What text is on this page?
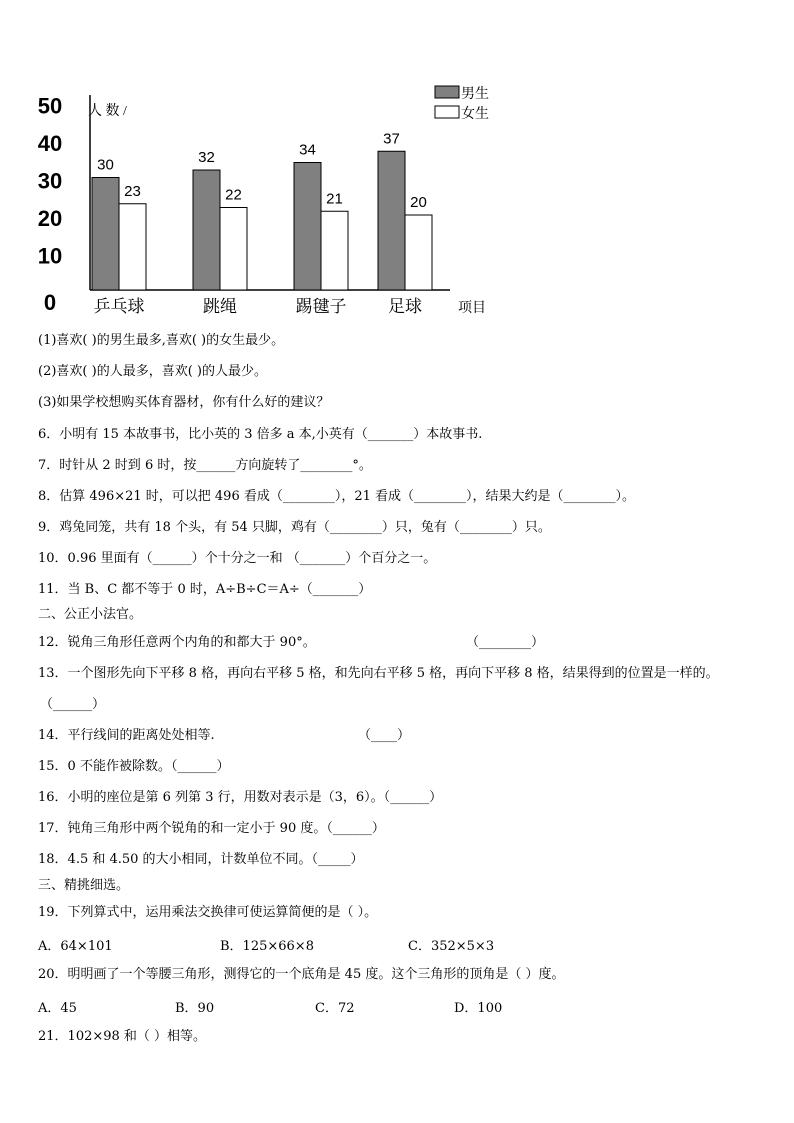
0
10
20
30
40
50 人 数 /
30
23
乒乓球
32
22
跳绳
34
21
踢毽子
37
20
足球	项目
男生
女生
(1)喜欢( )的男生最多,喜欢( )的女生最少。
(2)喜欢( )的人最多，喜欢( )的人最少。
(3)如果学校想购买体育器材，你有什么好的建议？
6．小明有 15 本故事书，比小英的 3 倍多 a 本,小英有（_______）本故事书.
7．时针从 2 时到 6 时，按______方向旋转了________°。
8．估算 496×21 时，可以把 496 看成（________），21 看成（________），结果大约是（________）。
9．鸡兔同笼，共有 18 个头，有 54 只脚，鸡有（________）只，兔有（________）只。
10．0.96 里面有（______）个十分之一和 （_______）个百分之一。
11．当 B、C 都不等于 0 时，A÷B÷C＝A÷（_______）
二、公正小法官。
12．锐角三角形任意两个内角的和都大于 90°。	（________）
13．一个图形先向下平移 8 格，再向右平移 5 格，和先向右平移 5 格，再向下平移 8 格，结果得到的位置是一样的。
（______）
14．平行线间的距离处处相等.	（____）
15．0 不能作被除数。（______）
16．小明的座位是第 6 列第 3 行，用数对表示是（3，6）。（______）
17．钝角三角形中两个锐角的和一定小于 90 度。（______）
18．4.5 和 4.50 的大小相同，计数单位不同。（_____）
三、精挑细选。
19．下列算式中，运用乘法交换律可使运算简便的是（ ）。
A．64×101	B．125×66×8	C．352×5×3
20．明明画了一个等腰三角形，测得它的一个底角是 45 度。这个三角形的顶角是（ ）度。
A．45	B．90	C．72	D．100
21．102×98 和（ ）相等。
